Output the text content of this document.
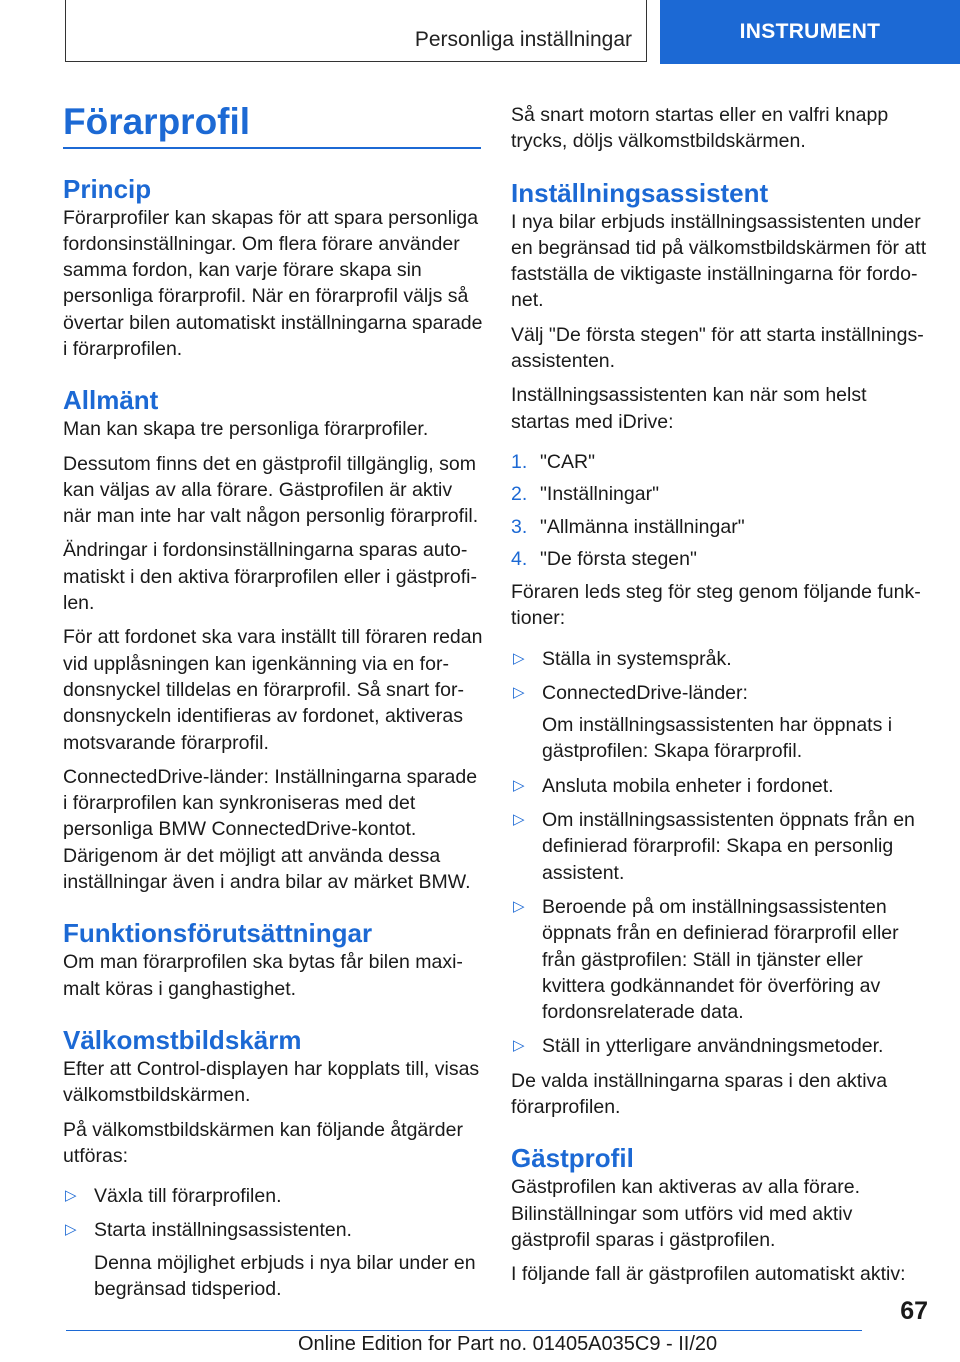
Personliga inställningar	INSTRUMENT
Förarprofil
Princip

Förarprofiler kan skapas för att spara personliga fordonsinställningar. Om flera förare använder samma fordon, kan varje förare skapa sin personliga förarprofil. När en förarprofil väljs så övertar bilen automatiskt inställningarna sparade i förarprofilen.

Allmänt

Man kan skapa tre personliga förarprofiler.

Dessutom finns det en gästprofil tillgänglig, som kan väljas av alla förare. Gästprofilen är aktiv när man inte har valt någon personlig förarprofil.

Ändringar i fordonsinställningarna sparas automatiskt i den aktiva förarprofilen eller i gästprofilen.

För att fordonet ska vara inställt till föraren redan vid upplåsningen kan igenkänning via en fordonsnyckel tilldelas en förarprofil. Så snart fordonsnyckeln identifieras av fordonet, aktiveras motsvarande förarprofil.

ConnectedDrive-länder: Inställningarna sparade i förarprofilen kan synkroniseras med det personliga BMW ConnectedDrive-kontot. Därigenom är det möjligt att använda dessa inställningar även i andra bilar av märket BMW.

Funktionsförutsättningar

Om man förarprofilen ska bytas får bilen maximalt köras i ganghastighet.

Välkomstbildskärm

Efter att Control-displayen har kopplats till, visas välkomstbildskärmen.

På välkomstbildskärmen kan följande åtgärder utföras:

▷ Växla till förarprofilen.
▷ Starta inställningsassistenten.
Denna möjlighet erbjuds i nya bilar under en begränsad tidsperiod.

Så snart motorn startas eller en valfri knapp trycks, döljs välkomstbildskärmen.

Inställningsassistent

I nya bilar erbjuds inställningsassistenten under en begränsad tid på välkomstbildskärmen för att fastställa de viktigaste inställningarna för fordonet.

Välj "De första stegen" för att starta inställningsassistenten.

Inställningsassistenten kan när som helst startas med iDrive:

1. "CAR"
2. "Inställningar"
3. "Allmänna inställningar"
4. "De första stegen"

Föraren leds steg för steg genom följande funktioner:

▷ Ställa in systemspråk.
▷ ConnectedDrive-länder:
Om inställningsassistenten har öppnats i gästprofilen: Skapa förarprofil.
▷ Ansluta mobila enheter i fordonet.
▷ Om inställningsassistenten öppnats från en definierad förarprofil: Skapa en personlig assistent.
▷ Beroende på om inställningsassistenten öppnats från en definierad förarprofil eller från gästprofilen: Ställ in tjänster eller kvittera godkännandet för överföring av fordonsrelaterade data.
▷ Ställ in ytterligare användningsmetoder.

De valda inställningarna sparas i den aktiva förarprofilen.

Gästprofil

Gästprofilen kan aktiveras av alla förare. Bilinställningar som utförs vid med aktiv gästprofil sparas i gästprofilen.

I följande fall är gästprofilen automatiskt aktiv:

67
Online Edition for Part no. 01405A035C9 - II/20
